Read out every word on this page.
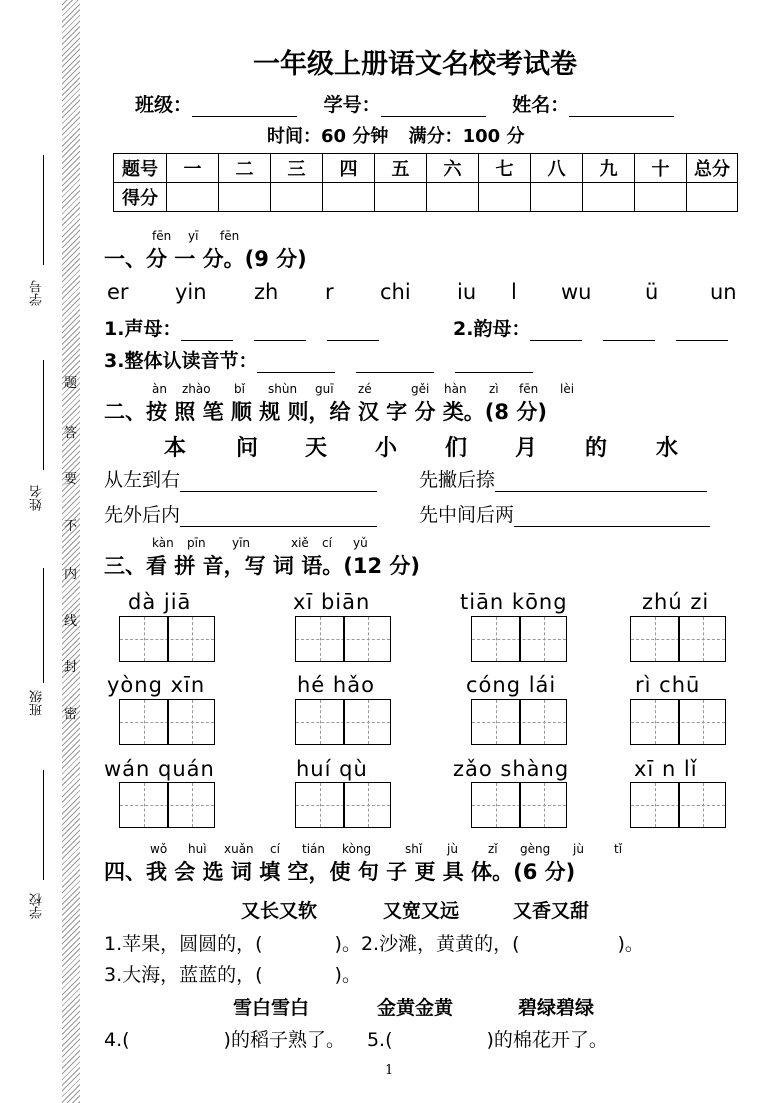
学号
姓名
班级
学校
题
答
要
不
内
线
封
密
一年级上册语文名校考试卷
班级：	学号：	姓名：
时间：60 分钟 满分：100 分
题号	一	二	三	四	五	六	七	八	九	十	总分
得分											
fēn yī fēn
一、分 一 分。(9 分)
er yin zh r chi iu l wu	ü un
1.声母：	2.韵母：
3.整体认读音节：
àn zhào bǐ shùn guī zé	gěi hàn zì fēn lèi
二、按 照 笔 顺 规 则，给 汉 字 分 类。(8 分)
本 问 天 小 们 月 的 水
从左到右	先撇后捺
先外后内	先中间后两
kàn pīn yīn	xiě cí yǔ
三、看 拼 音，写 词 语。(12 分)
dà jiā	xī biān	tiān kōng	zhú zi
yòng xīn	hé hǎo	cóng lái	rì chū
wán quán	huí qù	zǎo shàng	xī n lǐ
wǒ huì xuǎn cí tián kòng	shǐ jù	zǐ gèng jù	tǐ
四、我 会 选 词 填 空，使 句 子 更 具 体。(6 分)
又长又软	又宽又远	又香又甜
1.苹果，圆圆的，(	)。2.沙滩，黄黄的，(	)。
3.大海，蓝蓝的，(	)。
雪白雪白	金黄金黄	碧绿碧绿
4.(	)的稻子熟了。 5.(	)的棉花开了。
1
